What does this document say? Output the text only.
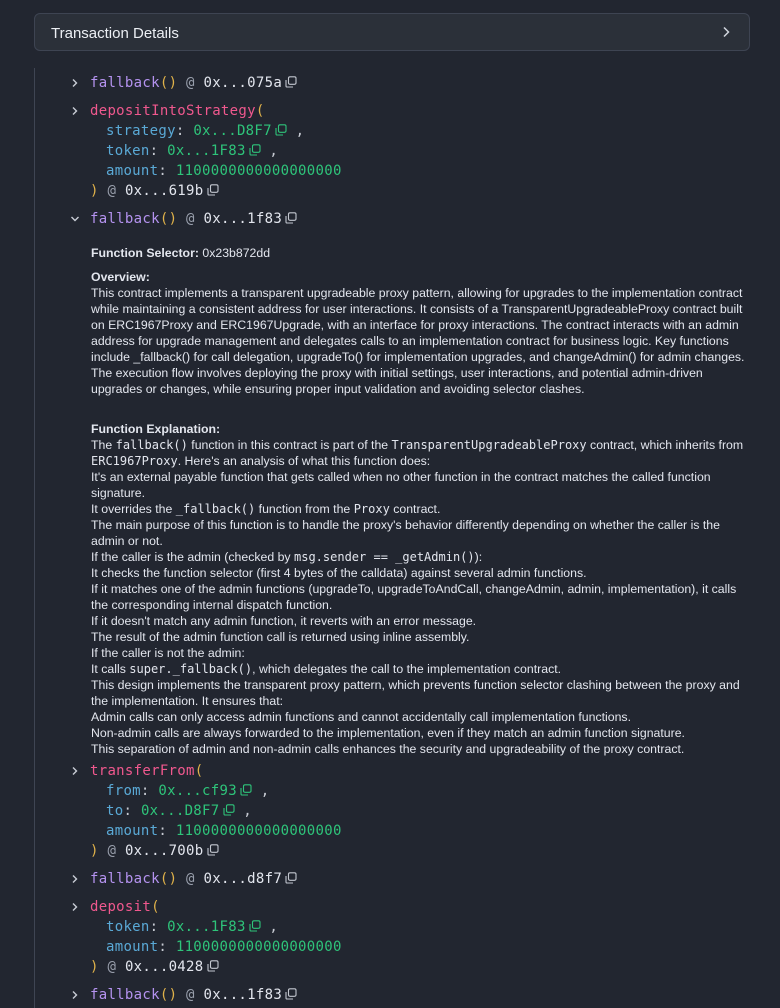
Transaction Details
fallback() @ 0x...075a
depositIntoStrategy(
strategy: 0x...D8F7 ,
token: 0x...1F83 ,
amount: 1100000000000000000
) @ 0x...619b
fallback() @ 0x...1f83
Function Selector: 0x23b872dd
Overview:
This contract implements a transparent upgradeable proxy pattern, allowing for upgrades to the implementation contract while maintaining a consistent address for user interactions. It consists of a TransparentUpgradeableProxy contract built on ERC1967Proxy and ERC1967Upgrade, with an interface for proxy interactions. The contract interacts with an admin address for upgrade management and delegates calls to an implementation contract for business logic. Key functions include _fallback() for call delegation, upgradeTo() for implementation upgrades, and changeAdmin() for admin changes. The execution flow involves deploying the proxy with initial settings, user interactions, and potential admin-driven upgrades or changes, while ensuring proper input validation and avoiding selector clashes.
Function Explanation:
The fallback() function in this contract is part of the TransparentUpgradeableProxy contract, which inherits from ERC1967Proxy. Here's an analysis of what this function does:
It's an external payable function that gets called when no other function in the contract matches the called function signature.
It overrides the _fallback() function from the Proxy contract.
The main purpose of this function is to handle the proxy's behavior differently depending on whether the caller is the admin or not.
If the caller is the admin (checked by msg.sender == _getAdmin()):
It checks the function selector (first 4 bytes of the calldata) against several admin functions.
If it matches one of the admin functions (upgradeTo, upgradeToAndCall, changeAdmin, admin, implementation), it calls the corresponding internal dispatch function.
If it doesn't match any admin function, it reverts with an error message.
The result of the admin function call is returned using inline assembly.
If the caller is not the admin:
It calls super._fallback(), which delegates the call to the implementation contract.
This design implements the transparent proxy pattern, which prevents function selector clashing between the proxy and the implementation. It ensures that:
Admin calls can only access admin functions and cannot accidentally call implementation functions.
Non-admin calls are always forwarded to the implementation, even if they match an admin function signature.
This separation of admin and non-admin calls enhances the security and upgradeability of the proxy contract.
transferFrom(
from: 0x...cf93 ,
to: 0x...D8F7 ,
amount: 1100000000000000000
) @ 0x...700b
fallback() @ 0x...d8f7
deposit(
token: 0x...1F83 ,
amount: 1100000000000000000
) @ 0x...0428
fallback() @ 0x...1f83
